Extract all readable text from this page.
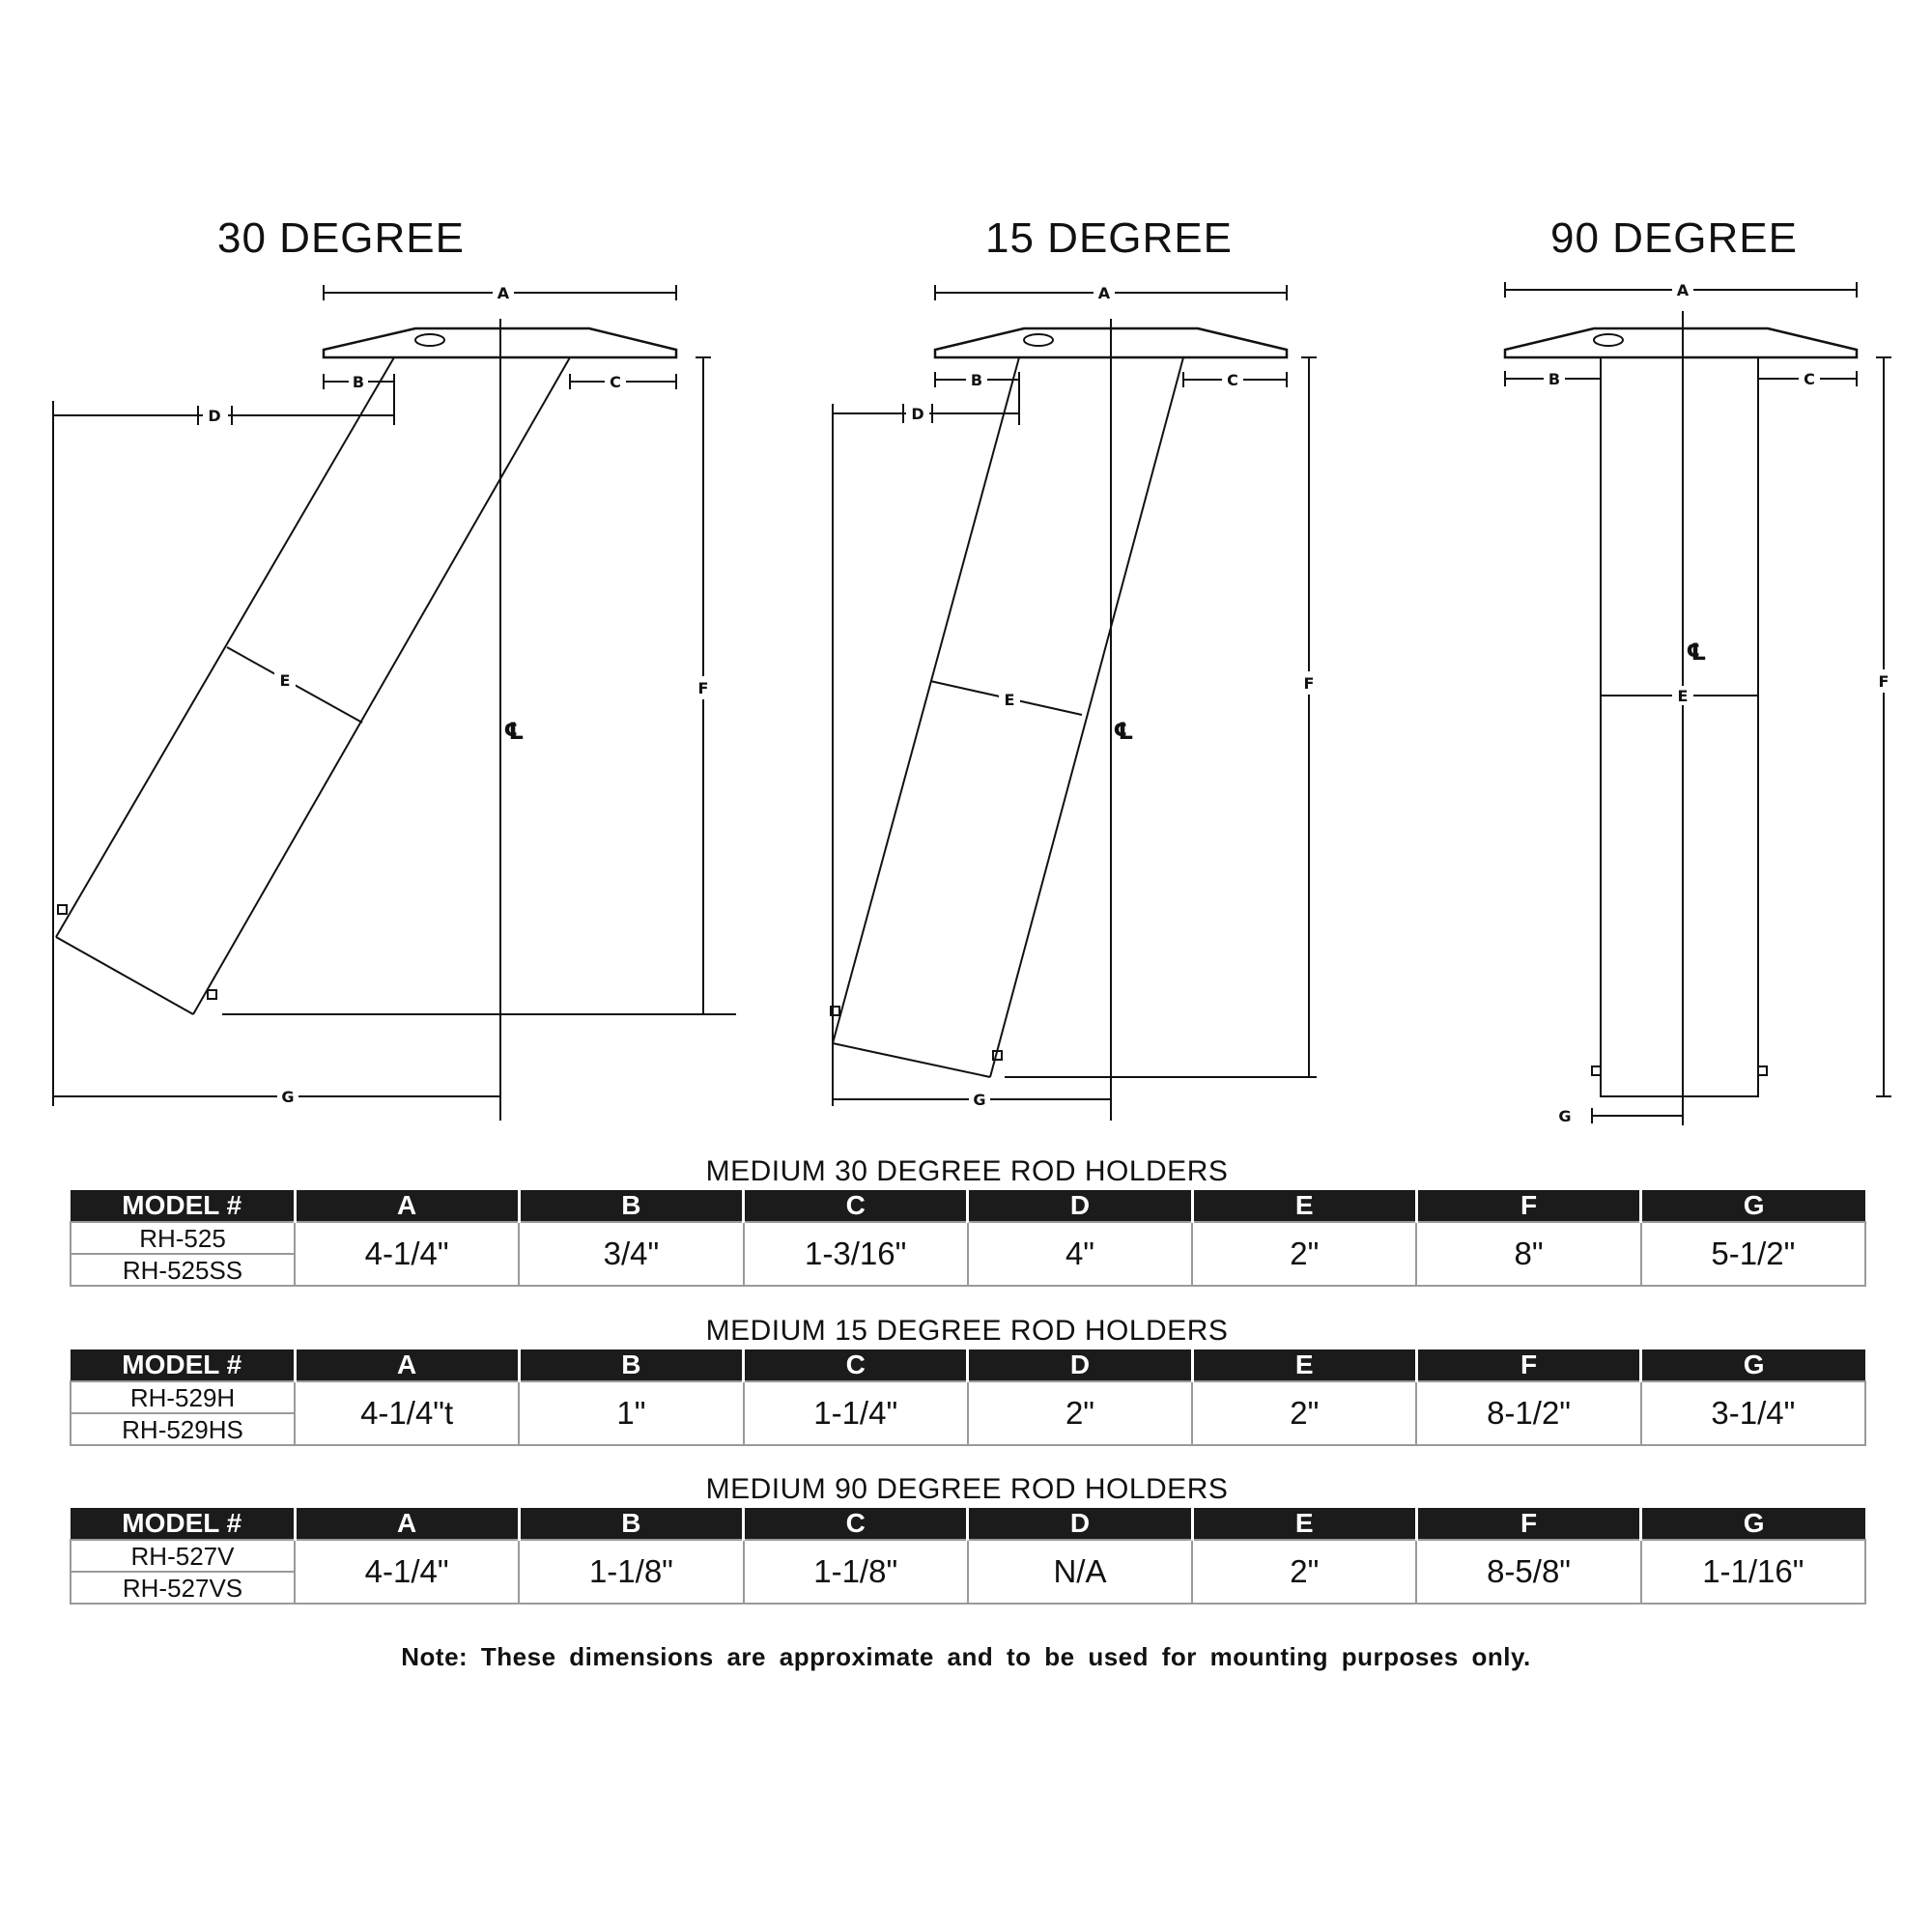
30 DEGREE	15 DEGREE	90 DEGREE
A
℄
E
B	C
D
F
G
A
℄
E
B	C
D
F
G
A
℄
E
B	C
F
G
MEDIUM 30 DEGREE ROD HOLDERS
MODEL #	A	B	C	D	E	F	G
RH-525	4-1/4"	3/4"	1-3/16"	4"	2"	8"	5-1/2"
RH-525SS							
MEDIUM 15 DEGREE ROD HOLDERS
MODEL #	A	B	C	D	E	F	G
RH-529H	4-1/4"t	1"	1-1/4"	2"	2"	8-1/2"	3-1/4"
RH-529HS							
MEDIUM 90 DEGREE ROD HOLDERS
MODEL #	A	B	C	D	E	F	G
RH-527V	4-1/4"	1-1/8"	1-1/8"	N/A	2"	8-5/8"	1-1/16"
RH-527VS							
Note: These dimensions are approximate and to be used for mounting purposes only.
